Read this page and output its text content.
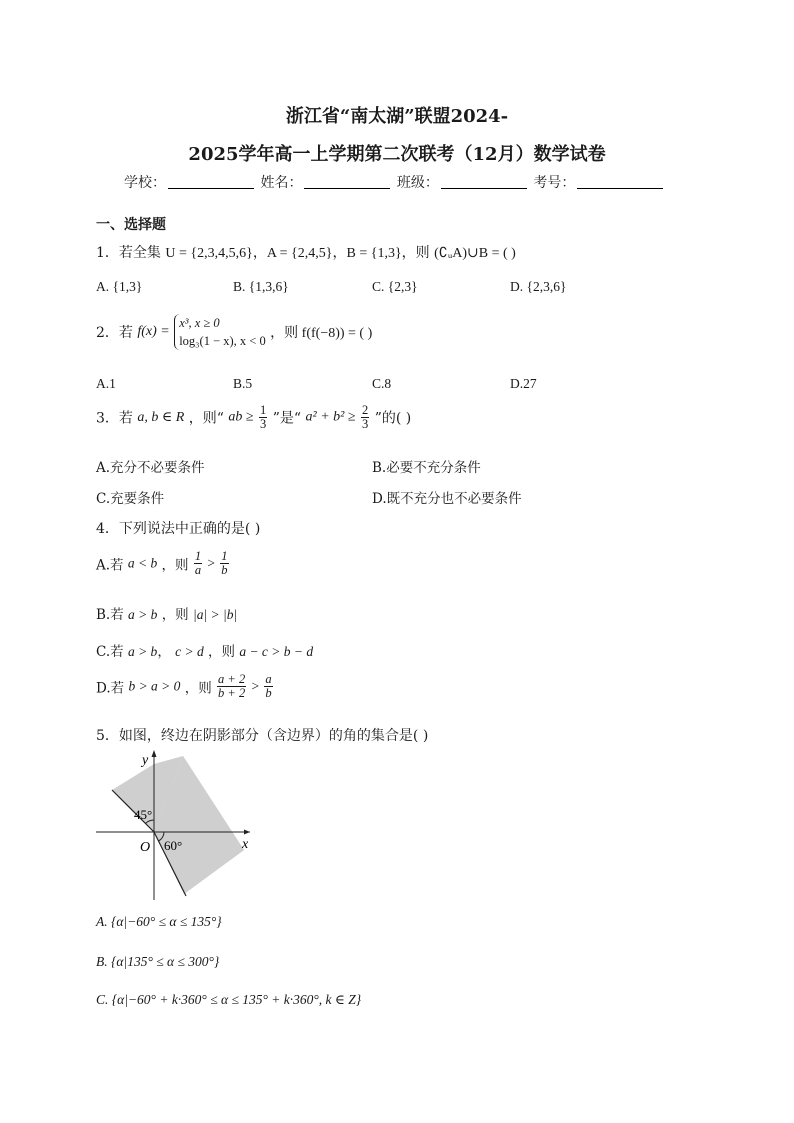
浙江省“南太湖”联盟2024-
2025学年高一上学期第二次联考（12月）数学试卷
学校：	姓名：	班级：	考号：
一、选择题
1．若全集 U = {2,3,4,5,6}，A = {2,4,5}，B = {1,3}，则 (∁ᵤA)∪B = ( )
A. {1,3}	B. {1,3,6}	C. {2,3}	D. {2,3,6}
2．若 f(x) =
x³, x ≥ 0
log₃(1 − x), x < 0 ，则 f(f(−8)) = ( )
A.1	B.5	C.8	D.27
3．若 a, b ∈ R ，则“ ab ≥ $\frac{1}{3}$ ”是“ $a^2 + b^2 \ge \frac{2}{3}$ ”的( )
A.充分不必要条件	B.必要不充分条件
C.充要条件	D.既不充分也不必要条件
4．下列说法中正确的是( )
A.若 a < b ，则 $\frac{1}{a} > \frac{1}{b}$
B.若 a > b ，则 |a| > |b|
C.若 a > b， c > d ，则 a − c > b − d
D.若 b > a > 0 ，则 $\frac{a + 2}{b + 2} > \frac{a}{b}$
5．如图，终边在阴影部分（含边界）的角的集合是( )
y
x
O
45°
60°
A. {α|−60° ≤ α ≤ 135°}
B. {α|135° ≤ α ≤ 300°}
C. {α|−60° + k·360° ≤ α ≤ 135° + k·360°, k ∈ Z}
